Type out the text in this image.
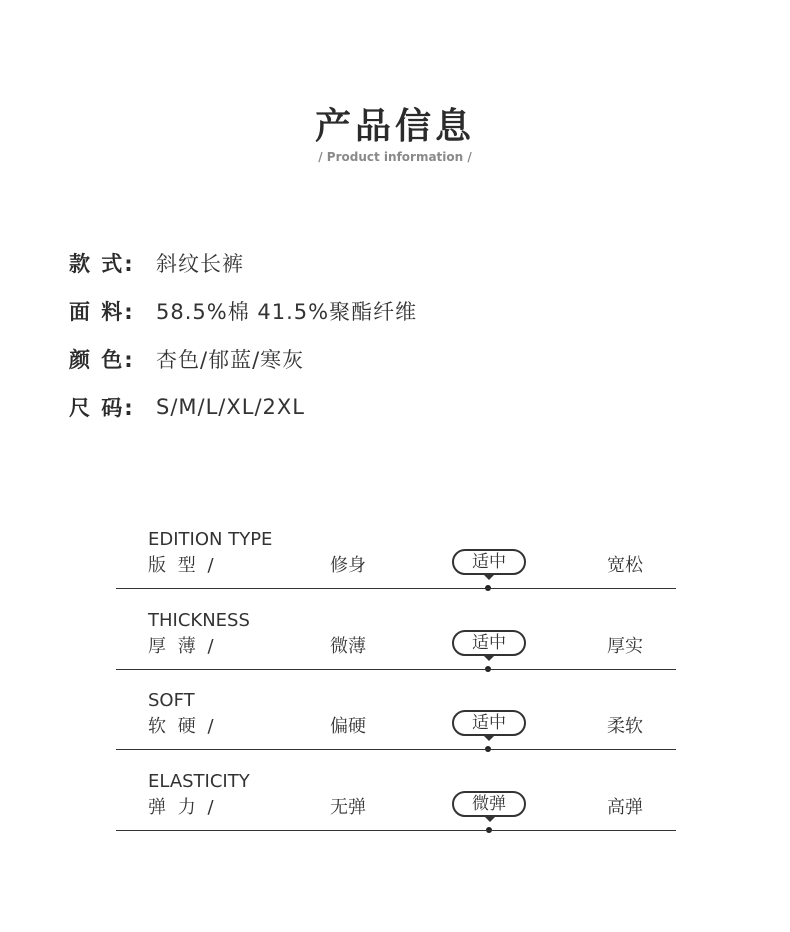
产品信息
/ Product information /
款 式:	斜纹长裤
面 料:	58.5%棉 41.5%聚酯纤维
颜 色:	杏色/郁蓝/寒灰
尺 码:	S/M/L/XL/2XL
EDITION TYPE
版 型 /	修身	适中	宽松
THICKNESS
厚 薄 /	微薄	适中	厚实
SOFT
软 硬 /	偏硬	适中	柔软
ELASTICITY
弹 力 /	无弹	微弹	高弹
